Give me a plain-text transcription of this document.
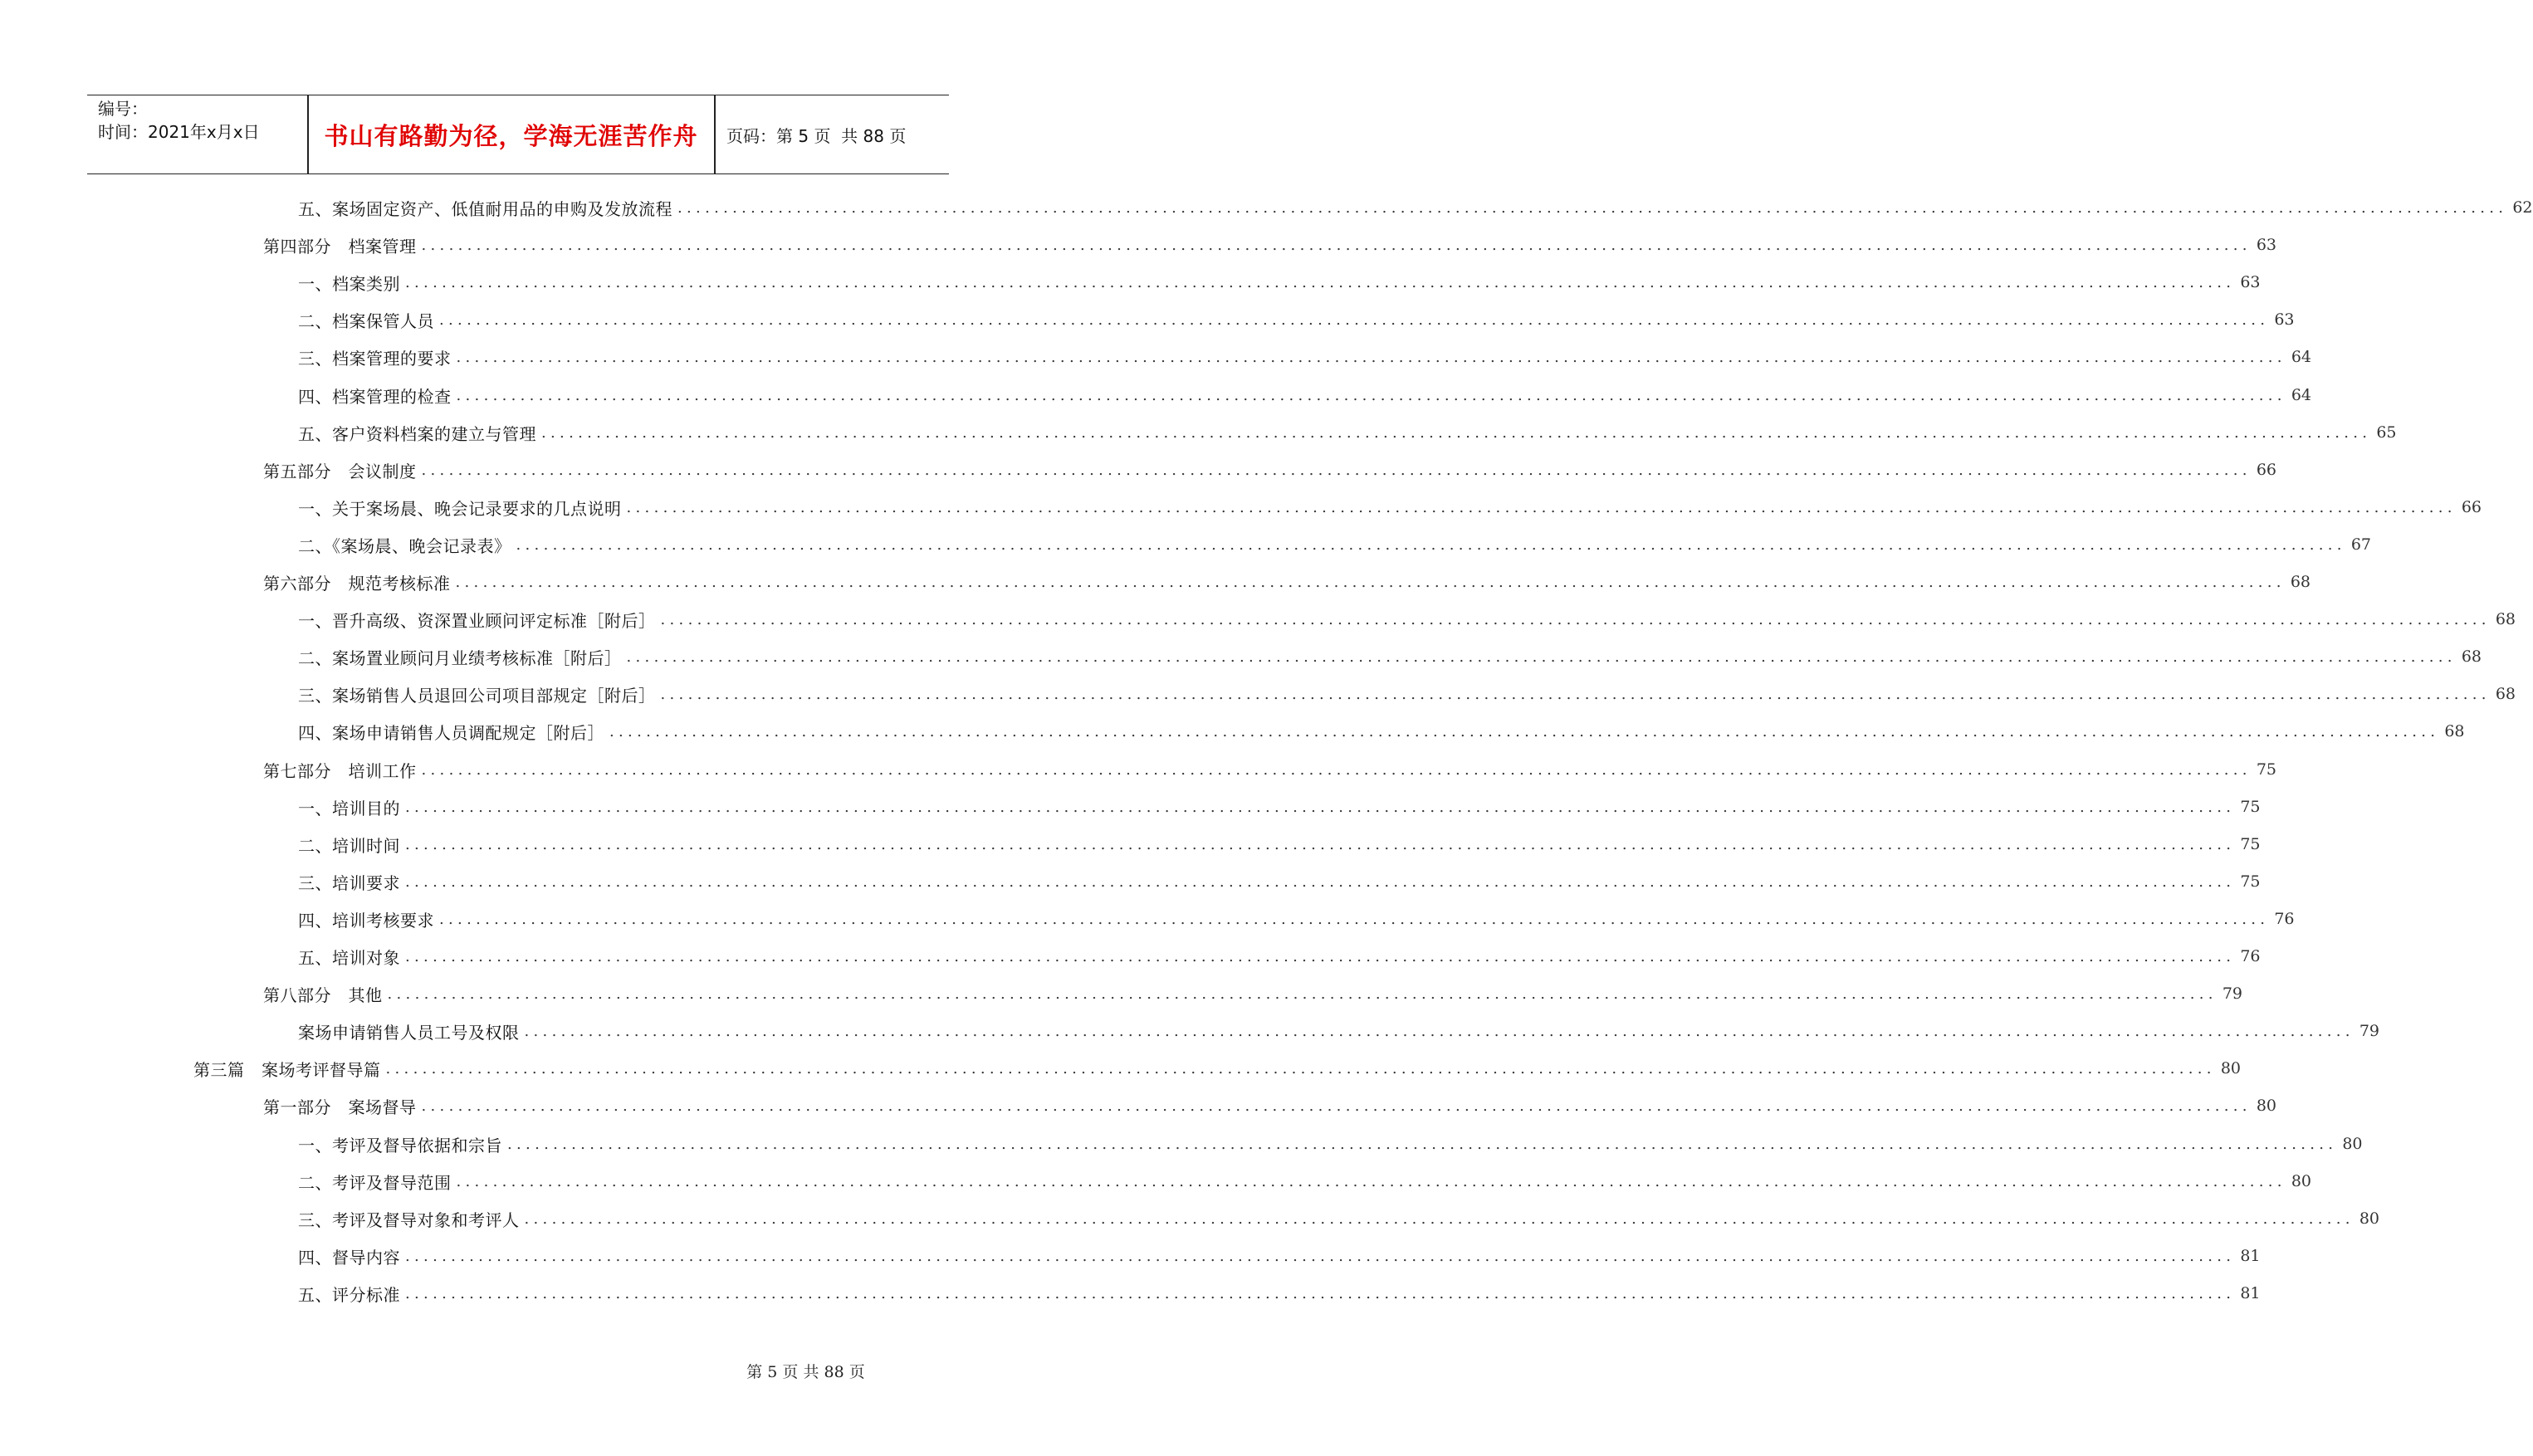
编号：
时间：2021年x月x日	书山有路勤为径，学海无涯苦作舟	页码：第 5 页  共 88 页
五、案场固定资产、低值耐用品的申购及发放流程 ........................................................................................................................................................................................................ 62
第四部分　档案管理 ........................................................................................................................................................................................................ 63
一、档案类别 ........................................................................................................................................................................................................ 63
二、档案保管人员 ........................................................................................................................................................................................................ 63
三、档案管理的要求 ........................................................................................................................................................................................................ 64
四、档案管理的检查 ........................................................................................................................................................................................................ 64
五、客户资料档案的建立与管理 ........................................................................................................................................................................................................ 65
第五部分　会议制度 ........................................................................................................................................................................................................ 66
一、关于案场晨、晚会记录要求的几点说明 ........................................................................................................................................................................................................ 66
二、《案场晨、晚会记录表》 ........................................................................................................................................................................................................ 67
第六部分　规范考核标准 ........................................................................................................................................................................................................ 68
一、晋升高级、资深置业顾问评定标准［附后］ ........................................................................................................................................................................................................ 68
二、案场置业顾问月业绩考核标准［附后］ ........................................................................................................................................................................................................ 68
三、案场销售人员退回公司项目部规定［附后］ ........................................................................................................................................................................................................ 68
四、案场申请销售人员调配规定［附后］ ........................................................................................................................................................................................................ 68
第七部分　培训工作 ........................................................................................................................................................................................................ 75
一、培训目的 ........................................................................................................................................................................................................ 75
二、培训时间 ........................................................................................................................................................................................................ 75
三、培训要求 ........................................................................................................................................................................................................ 75
四、培训考核要求 ........................................................................................................................................................................................................ 76
五、培训对象 ........................................................................................................................................................................................................ 76
第八部分　其他 ........................................................................................................................................................................................................ 79
案场申请销售人员工号及权限 ........................................................................................................................................................................................................ 79
第三篇　案场考评督导篇 ........................................................................................................................................................................................................ 80
第一部分　案场督导 ........................................................................................................................................................................................................ 80
一、考评及督导依据和宗旨 ........................................................................................................................................................................................................ 80
二、考评及督导范围 ........................................................................................................................................................................................................ 80
三、考评及督导对象和考评人 ........................................................................................................................................................................................................ 80
四、督导内容 ........................................................................................................................................................................................................ 81
五、评分标准 ........................................................................................................................................................................................................ 81
第 5 页 共 88 页
